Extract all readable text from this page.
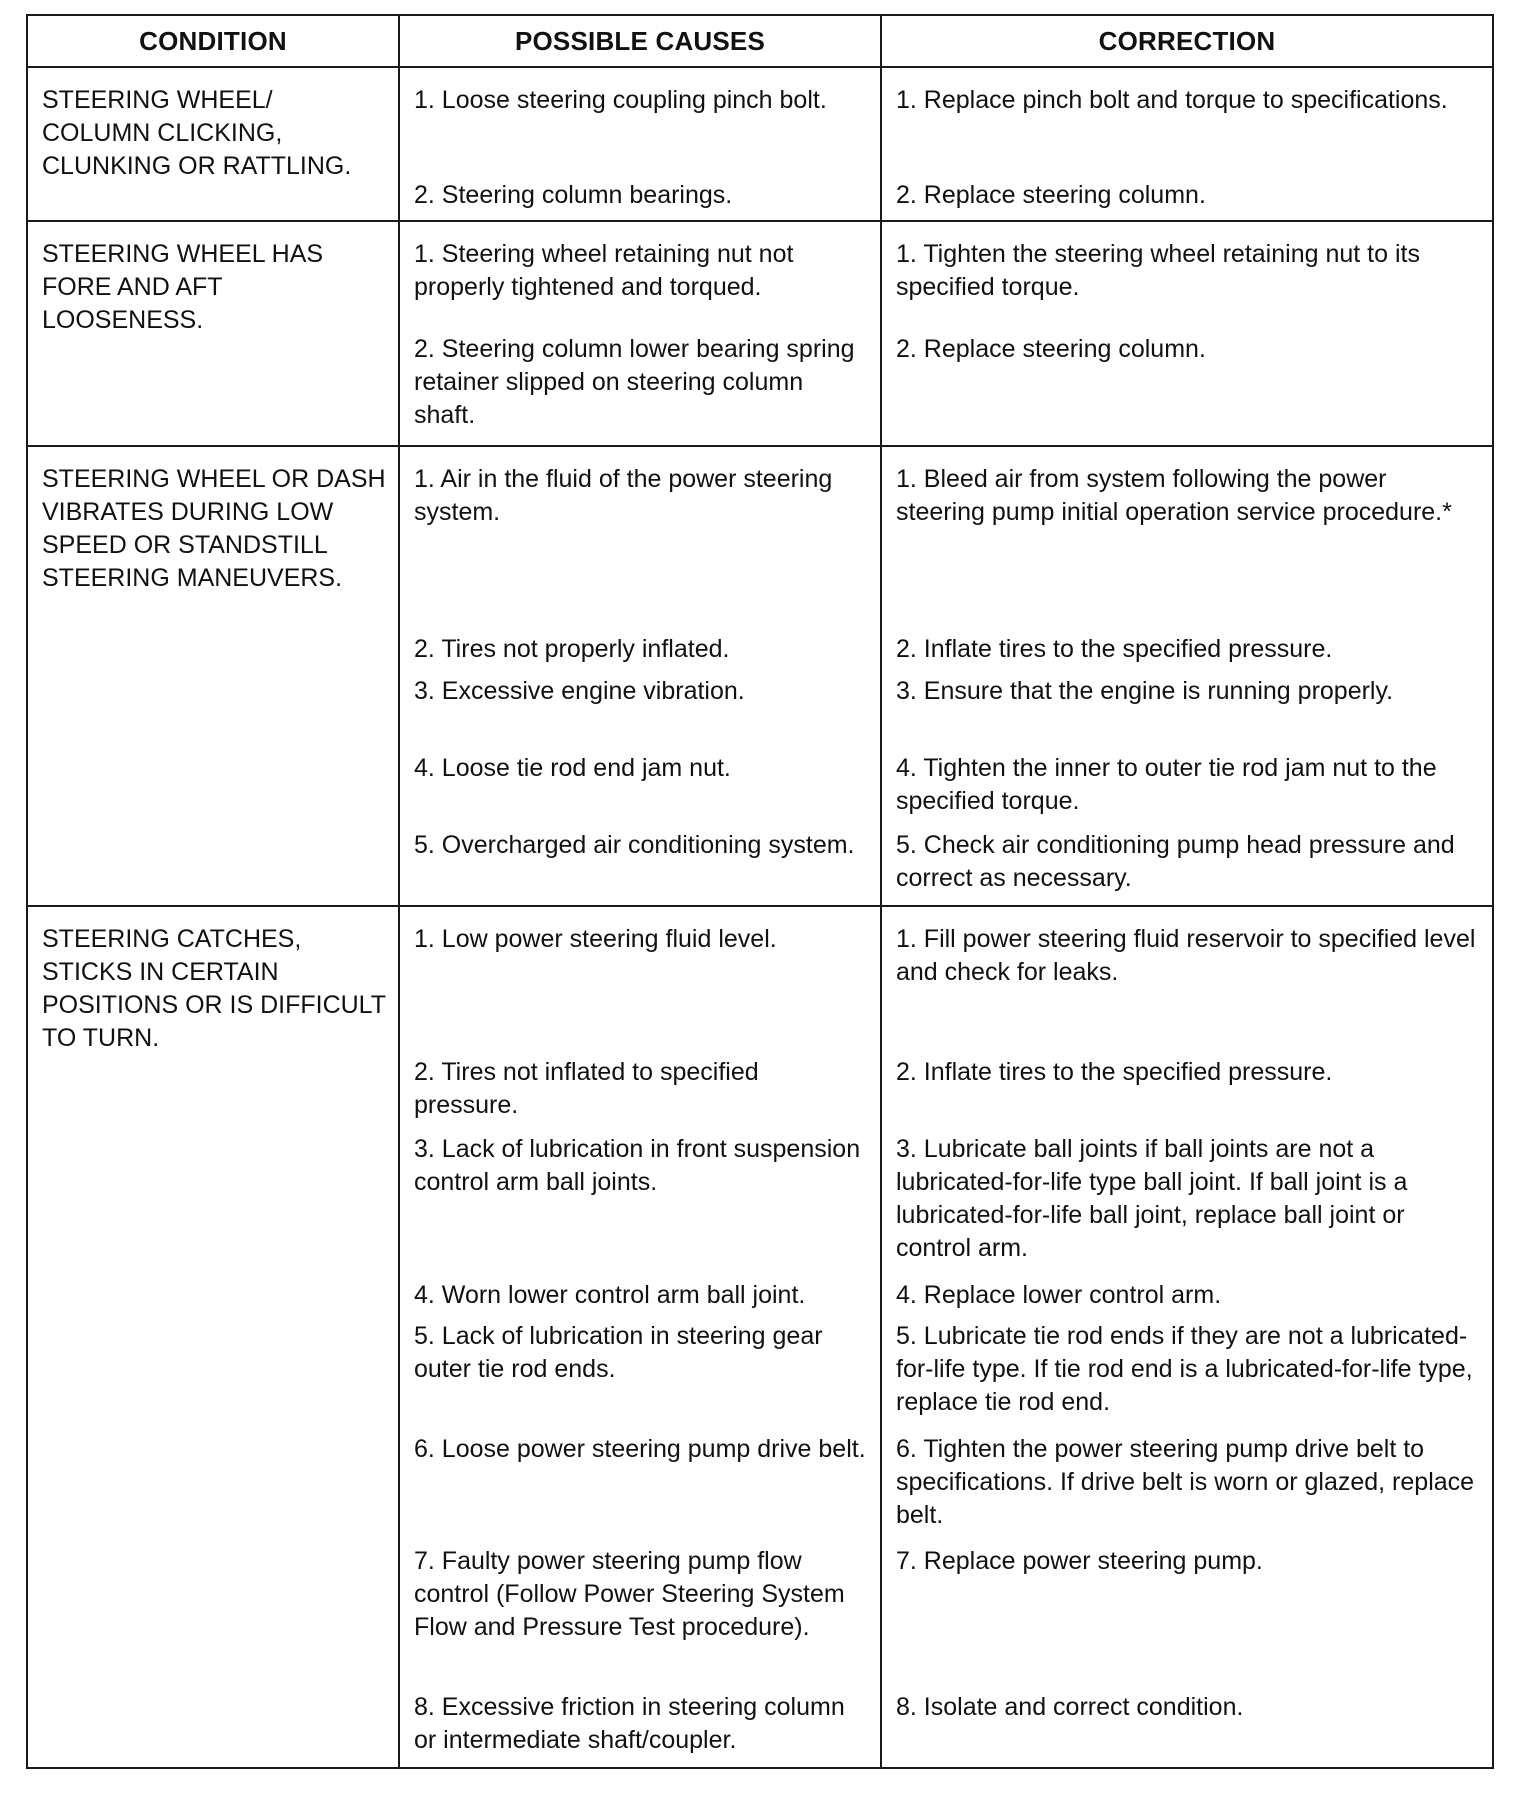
CONDITION	POSSIBLE CAUSES	CORRECTION

STEERING WHEEL/ COLUMN CLICKING, CLUNKING OR RATTLING.	1. Loose steering coupling pinch bolt.	1. Replace pinch bolt and torque to specifications.

	2. Steering column bearings.	2. Replace steering column.

STEERING WHEEL HAS FORE AND AFT LOOSENESS.	1. Steering wheel retaining nut not properly tightened and torqued.	1. Tighten the steering wheel retaining nut to its specified torque.

	2. Steering column lower bearing spring retainer slipped on steering column shaft.	2. Replace steering column.

STEERING WHEEL OR DASH VIBRATES DURING LOW SPEED OR STANDSTILL STEERING MANEUVERS.	1. Air in the fluid of the power steering system.	1. Bleed air from system following the power steering pump initial operation service procedure.*

	2. Tires not properly inflated.	2. Inflate tires to the specified pressure.

	3. Excessive engine vibration.	3. Ensure that the engine is running properly.

	4. Loose tie rod end jam nut.	4. Tighten the inner to outer tie rod jam nut to the specified torque.

	5. Overcharged air conditioning system.	5. Check air conditioning pump head pressure and correct as necessary.

STEERING CATCHES, STICKS IN CERTAIN POSITIONS OR IS DIFFICULT TO TURN.	1. Low power steering fluid level.	1. Fill power steering fluid reservoir to specified level and check for leaks.

	2. Tires not inflated to specified pressure.	2. Inflate tires to the specified pressure.

	3. Lack of lubrication in front suspension control arm ball joints.	3. Lubricate ball joints if ball joints are not a lubricated-for-life type ball joint. If ball joint is a lubricated-for-life ball joint, replace ball joint or control arm.

	4. Worn lower control arm ball joint.	4. Replace lower control arm.

	5. Lack of lubrication in steering gear outer tie rod ends.	5. Lubricate tie rod ends if they are not a lubricated-for-life type. If tie rod end is a lubricated-for-life type, replace tie rod end.

	6. Loose power steering pump drive belt.	6. Tighten the power steering pump drive belt to specifications. If drive belt is worn or glazed, replace belt.

	7. Faulty power steering pump flow control (Follow Power Steering System Flow and Pressure Test procedure).	7. Replace power steering pump.

	8. Excessive friction in steering column or intermediate shaft/coupler.	8. Isolate and correct condition.
